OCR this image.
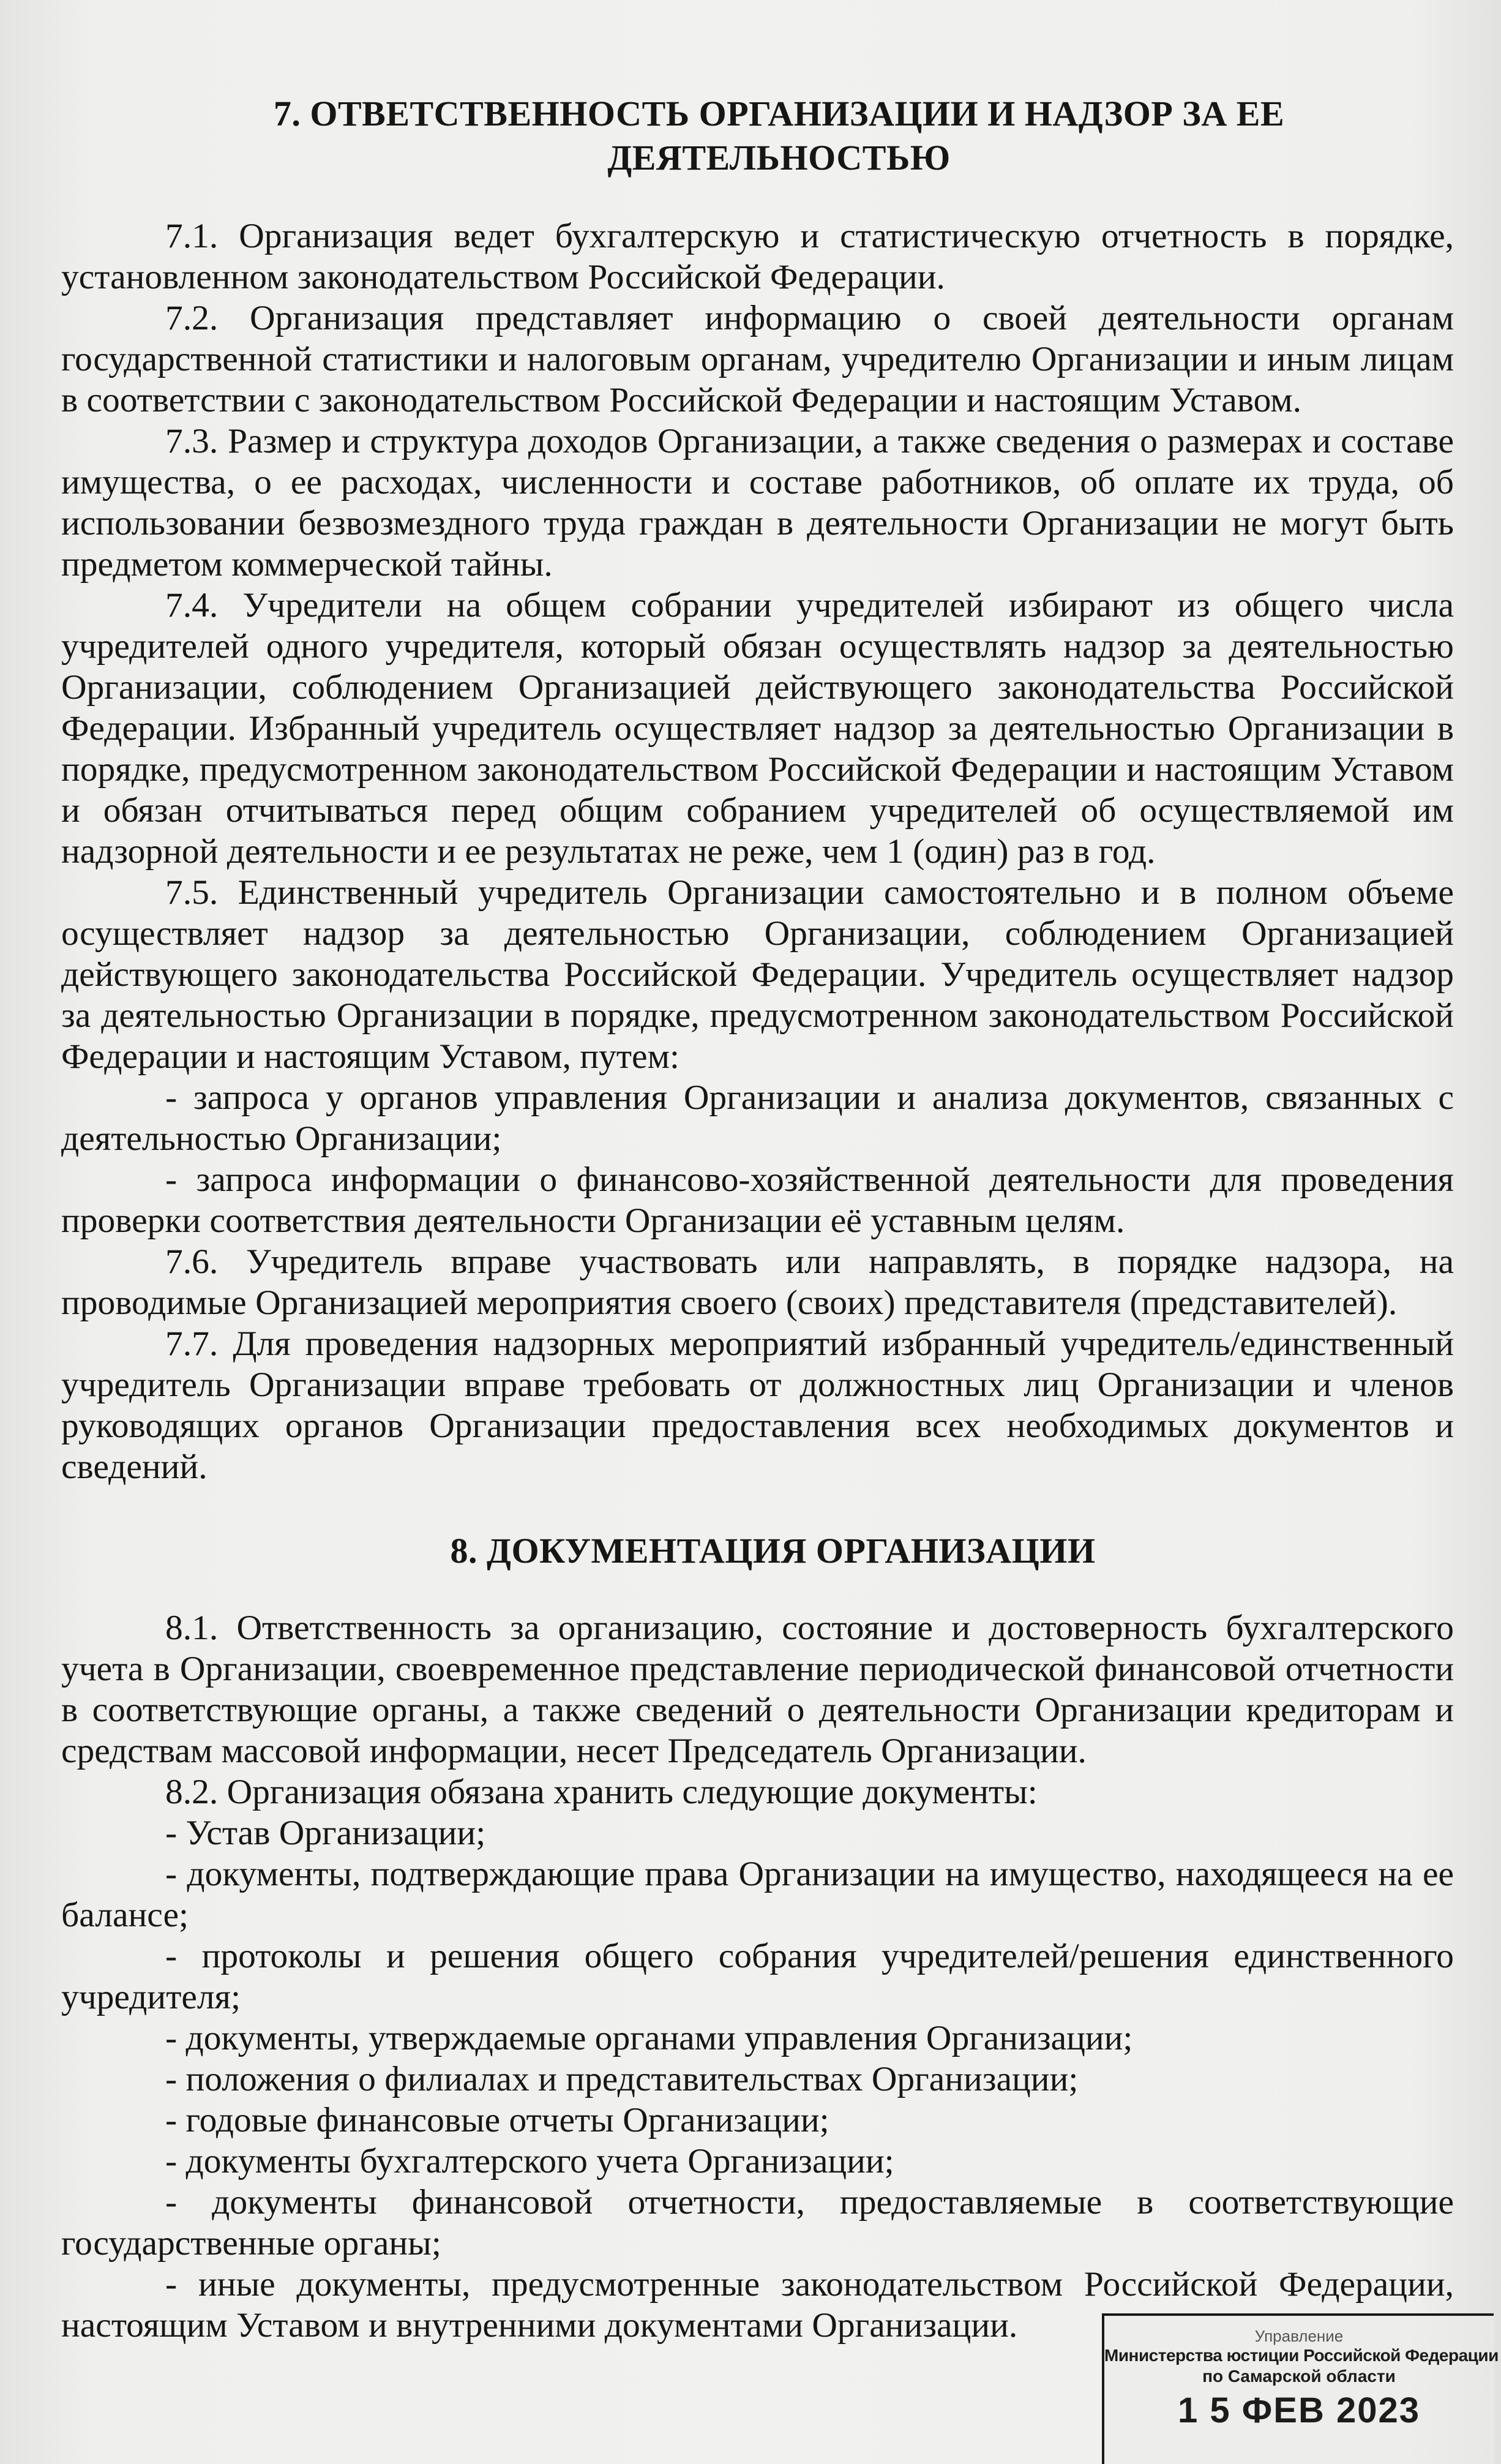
7. ОТВЕТСТВЕННОСТЬ ОРГАНИЗАЦИИ И НАДЗОР ЗА ЕЕ
ДЕЯТЕЛЬНОСТЬЮ

7.1. Организация ведет бухгалтерскую и статистическую отчетность в порядке, установленном законодательством Российской Федерации.

7.2. Организация представляет информацию о своей деятельности органам государственной статистики и налоговым органам, учредителю Организации и иным лицам в соответствии с законодательством Российской Федерации и настоящим Уставом.

7.3. Размер и структура доходов Организации, а также сведения о размерах и составе имущества, о ее расходах, численности и составе работников, об оплате их труда, об использовании безвозмездного труда граждан в деятельности Организации не могут быть предметом коммерческой тайны.

7.4. Учредители на общем собрании учредителей избирают из общего числа учредителей одного учредителя, который обязан осуществлять надзор за деятельностью Организации, соблюдением Организацией действующего законодательства Российской Федерации. Избранный учредитель осуществляет надзор за деятельностью Организации в порядке, предусмотренном законодательством Российской Федерации и настоящим Уставом и обязан отчитываться перед общим собранием учредителей об осуществляемой им надзорной деятельности и ее результатах не реже, чем 1 (один) раз в год.

7.5. Единственный учредитель Организации самостоятельно и в полном объеме осуществляет надзор за деятельностью Организации, соблюдением Организацией действующего законодательства Российской Федерации. Учредитель осуществляет надзор за деятельностью Организации в порядке, предусмотренном законодательством Российской Федерации и настоящим Уставом, путем:

- запроса у органов управления Организации и анализа документов, связанных с деятельностью Организации;

- запроса информации о финансово-хозяйственной деятельности для проведения проверки соответствия деятельности Организации её уставным целям.

7.6. Учредитель вправе участвовать или направлять, в порядке надзора, на проводимые Организацией мероприятия своего (своих) представителя (представителей).

7.7. Для проведения надзорных мероприятий избранный учредитель/единственный учредитель Организации вправе требовать от должностных лиц Организации и членов руководящих органов Организации предоставления всех необходимых документов и сведений.

8. ДОКУМЕНТАЦИЯ ОРГАНИЗАЦИИ

8.1. Ответственность за организацию, состояние и достоверность бухгалтерского учета в Организации, своевременное представление периодической финансовой отчетности в соответствующие органы, а также сведений о деятельности Организации кредиторам и средствам массовой информации, несет Председатель Организации.

8.2. Организация обязана хранить следующие документы:

- Устав Организации;

- документы, подтверждающие права Организации на имущество, находящееся на ее балансе;

- протоколы и решения общего собрания учредителей/решения единственного учредителя;

- документы, утверждаемые органами управления Организации;

- положения о филиалах и представительствах Организации;

- годовые финансовые отчеты Организации;

- документы бухгалтерского учета Организации;

- документы финансовой отчетности, предоставляемые в соответствующие государственные органы;

- иные документы, предусмотренные законодательством Российской Федерации, настоящим Уставом и внутренними документами Организации.	Управление
Министерства юстиции Российской Федерации
по Самарской области
1 5 ФЕВ 2023
